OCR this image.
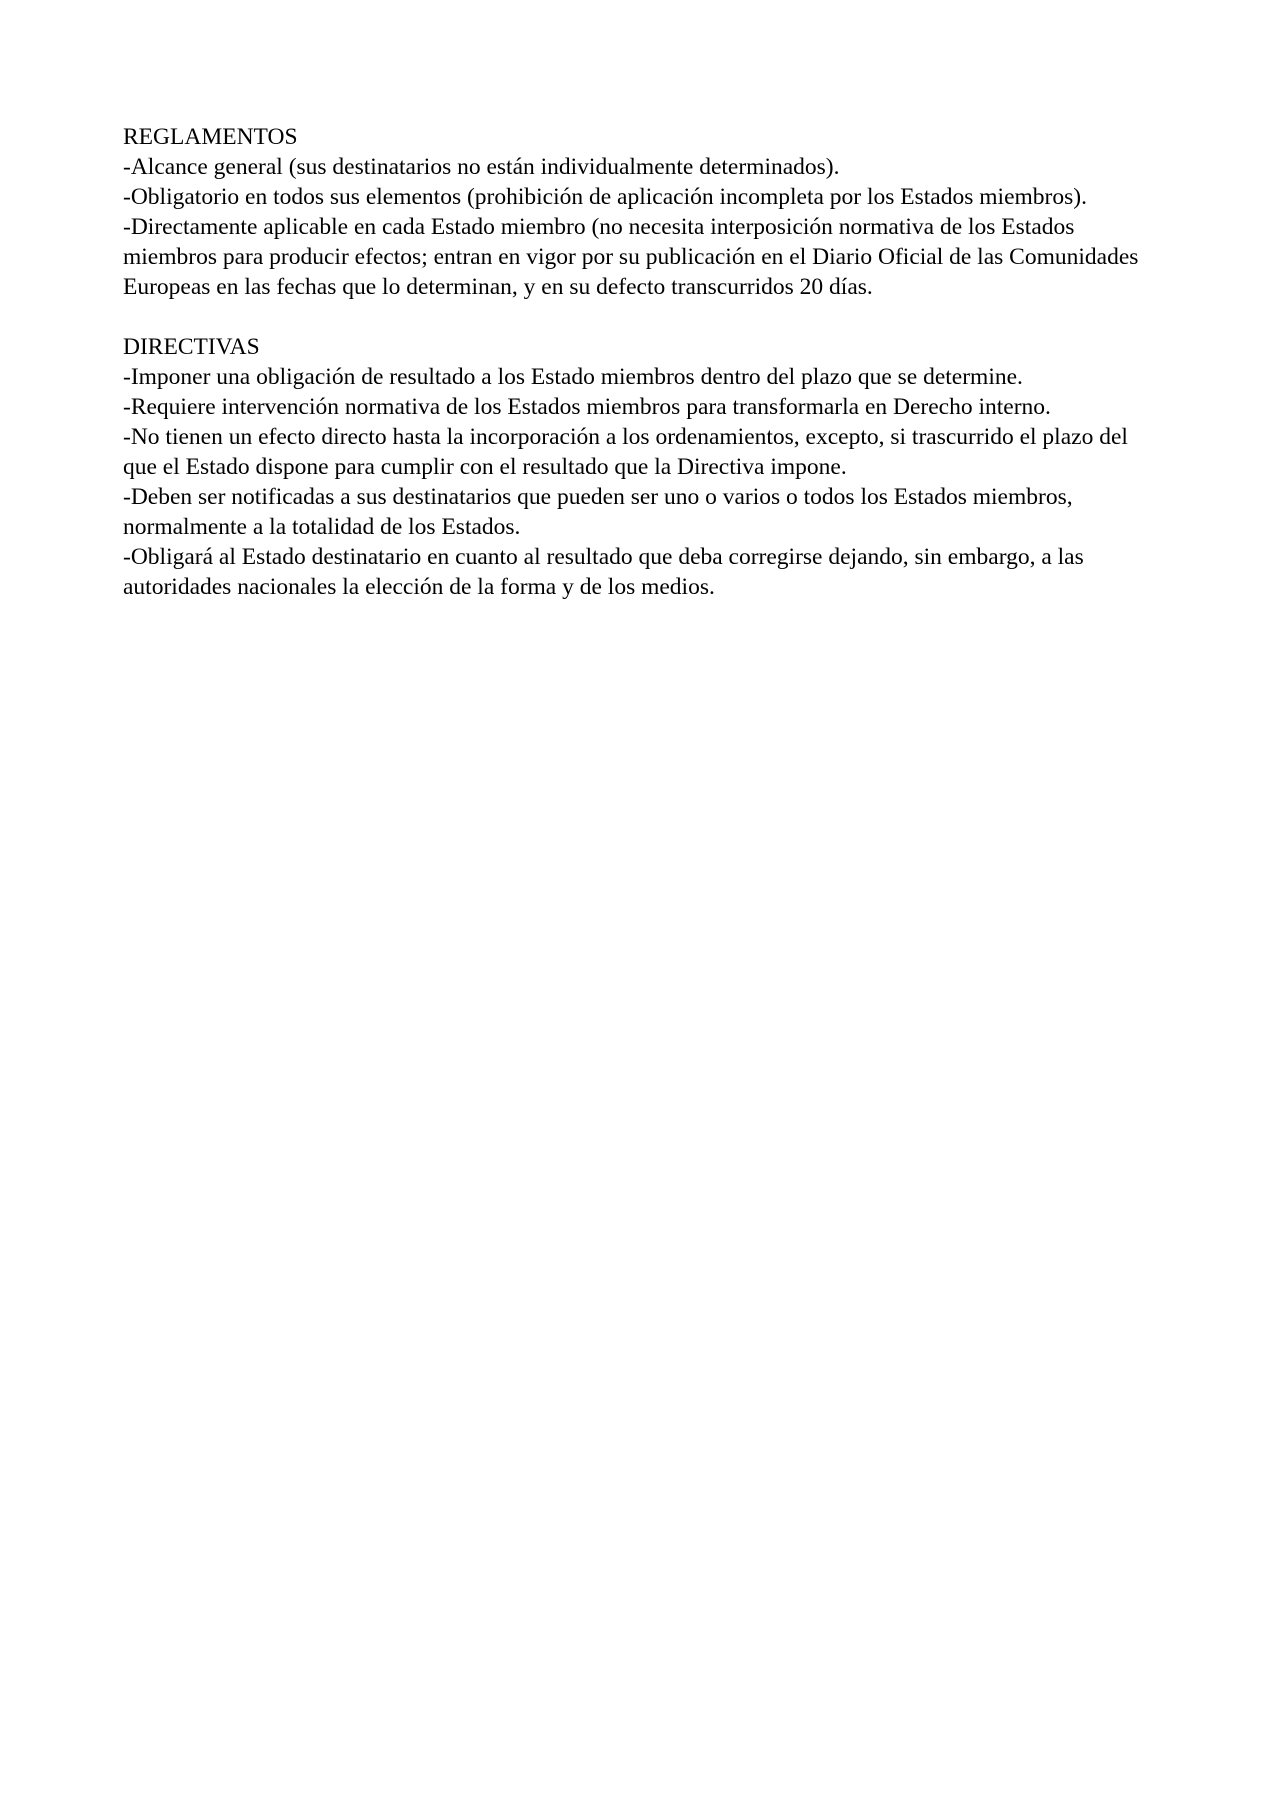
REGLAMENTOS

-Alcance general (sus destinatarios no están individualmente determinados).

-Obligatorio en todos sus elementos (prohibición de aplicación incompleta por los Estados miembros).

-Directamente aplicable en cada Estado miembro (no necesita interposición normativa de los Estados miembros para producir efectos; entran en vigor por su publicación en el Diario Oficial de las Comunidades Europeas en las fechas que lo determinan, y en su defecto transcurridos 20 días.

DIRECTIVAS

-Imponer una obligación de resultado a los Estado miembros dentro del plazo que se determine.

-Requiere intervención normativa de los Estados miembros para transformarla en Derecho interno.

-No tienen un efecto directo hasta la incorporación a los ordenamientos, excepto, si trascurrido el plazo del que el Estado dispone para cumplir con el resultado que la Directiva impone.

-Deben ser notificadas a sus destinatarios que pueden ser uno o varios o todos los Estados miembros, normalmente a la totalidad de los Estados.

-Obligará al Estado destinatario en cuanto al resultado que deba corregirse dejando, sin embargo, a las autoridades nacionales la elección de la forma y de los medios.
